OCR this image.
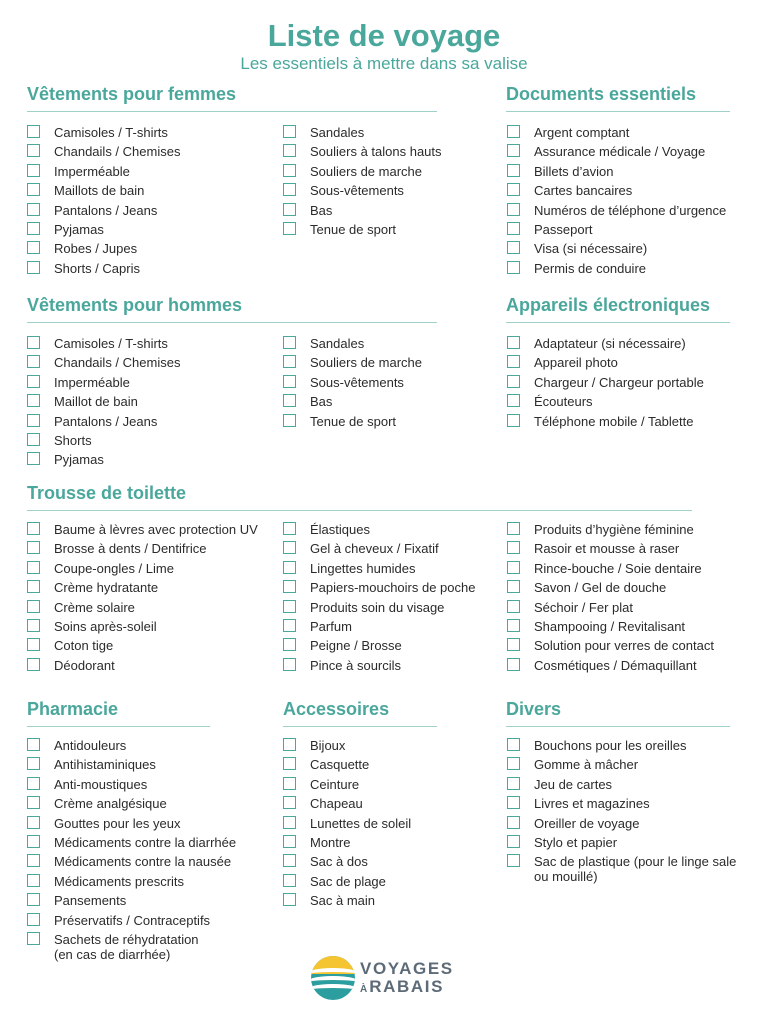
Liste de voyage
Les essentiels à mettre dans sa valise
Vêtements pour femmes
Camisoles / T-shirts
Chandails / Chemises
Imperméable
Maillots de bain
Pantalons / Jeans
Pyjamas
Robes / Jupes
Shorts / Capris
Sandales
Souliers à talons hauts
Souliers de marche
Sous-vêtements
Bas
Tenue de sport
Documents essentiels
Argent comptant
Assurance médicale / Voyage
Billets d’avion
Cartes bancaires
Numéros de téléphone d’urgence
Passeport
Visa (si nécessaire)
Permis de conduire
Vêtements pour hommes
Camisoles / T-shirts
Chandails / Chemises
Imperméable
Maillot de bain
Pantalons / Jeans
Shorts
Pyjamas
Sandales
Souliers de marche
Sous-vêtements
Bas
Tenue de sport
Appareils électroniques
Adaptateur (si nécessaire)
Appareil photo
Chargeur / Chargeur portable
Écouteurs
Téléphone mobile / Tablette
Trousse de toilette
Baume à lèvres avec protection UV
Brosse à dents / Dentifrice
Coupe-ongles / Lime
Crème hydratante
Crème solaire
Soins après-soleil
Coton tige
Déodorant
Élastiques
Gel à cheveux / Fixatif
Lingettes humides
Papiers-mouchoirs de poche
Produits soin du visage
Parfum
Peigne / Brosse
Pince à sourcils
Produits d’hygiène féminine
Rasoir et mousse à raser
Rince-bouche / Soie dentaire
Savon / Gel de douche
Séchoir / Fer plat
Shampooing / Revitalisant
Solution pour verres de contact
Cosmétiques / Démaquillant
Pharmacie
Antidouleurs
Antihistaminiques
Anti-moustiques
Crème analgésique
Gouttes pour les yeux
Médicaments contre la diarrhée
Médicaments contre la nausée
Médicaments prescrits
Pansements
Préservatifs / Contraceptifs
Sachets de réhydratation
(en cas de diarrhée)
Accessoires
Bijoux
Casquette
Ceinture
Chapeau
Lunettes de soleil
Montre
Sac à dos
Sac de plage
Sac à main
Divers
Bouchons pour les oreilles
Gomme à mâcher
Jeu de cartes
Livres et magazines
Oreiller de voyage
Stylo et papier
Sac de plastique (pour le linge sale
ou mouillé)
VOYAGES
À RABAIS
